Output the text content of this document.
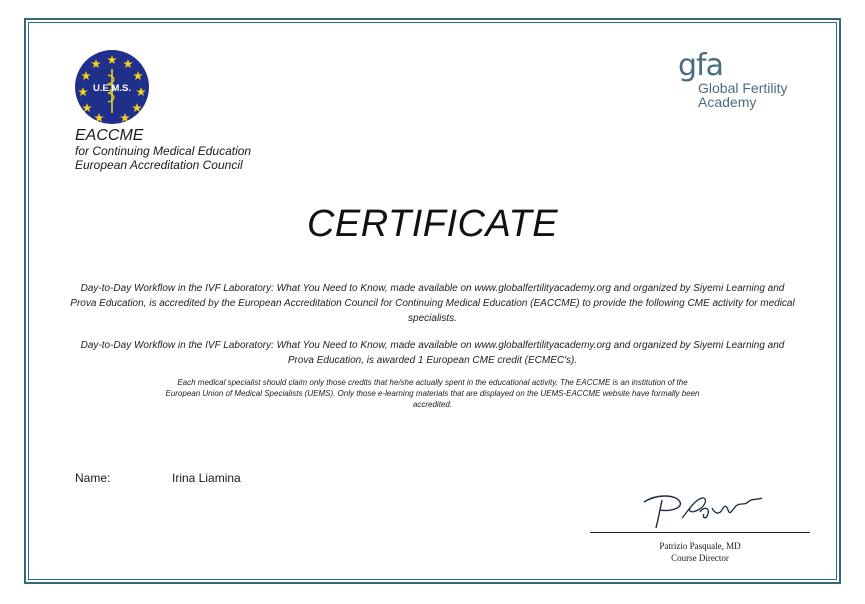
U.E.M.S.
EACCME
for Continuing Medical Education
European Accreditation Council
gfa
Global Fertility
Academy
CERTIFICATE
Day-to-Day Workflow in the IVF Laboratory: What You Need to Know, made available on www.globalfertilityacademy.org and organized by Siyemi Learning and Prova Education, is accredited by the European Accreditation Council for Continuing Medical Education (EACCME) to provide the following CME activity for medical specialists.
Day-to-Day Workflow in the IVF Laboratory: What You Need to Know, made available on www.globalfertilityacademy.org and organized by Siyemi Learning and Prova Education, is awarded 1 European CME credit (ECMEC's).
Each medical specialist should claim only those credits that he/she actually spent in the educational activity. The EACCME is an institution of the European Union of Medical Specialists (UEMS). Only those e-learning materials that are displayed on the UEMS-EACCME website have formally been accredited.
Name:	Irina Liamina
Patrizio Pasquale, MD
Course Director
